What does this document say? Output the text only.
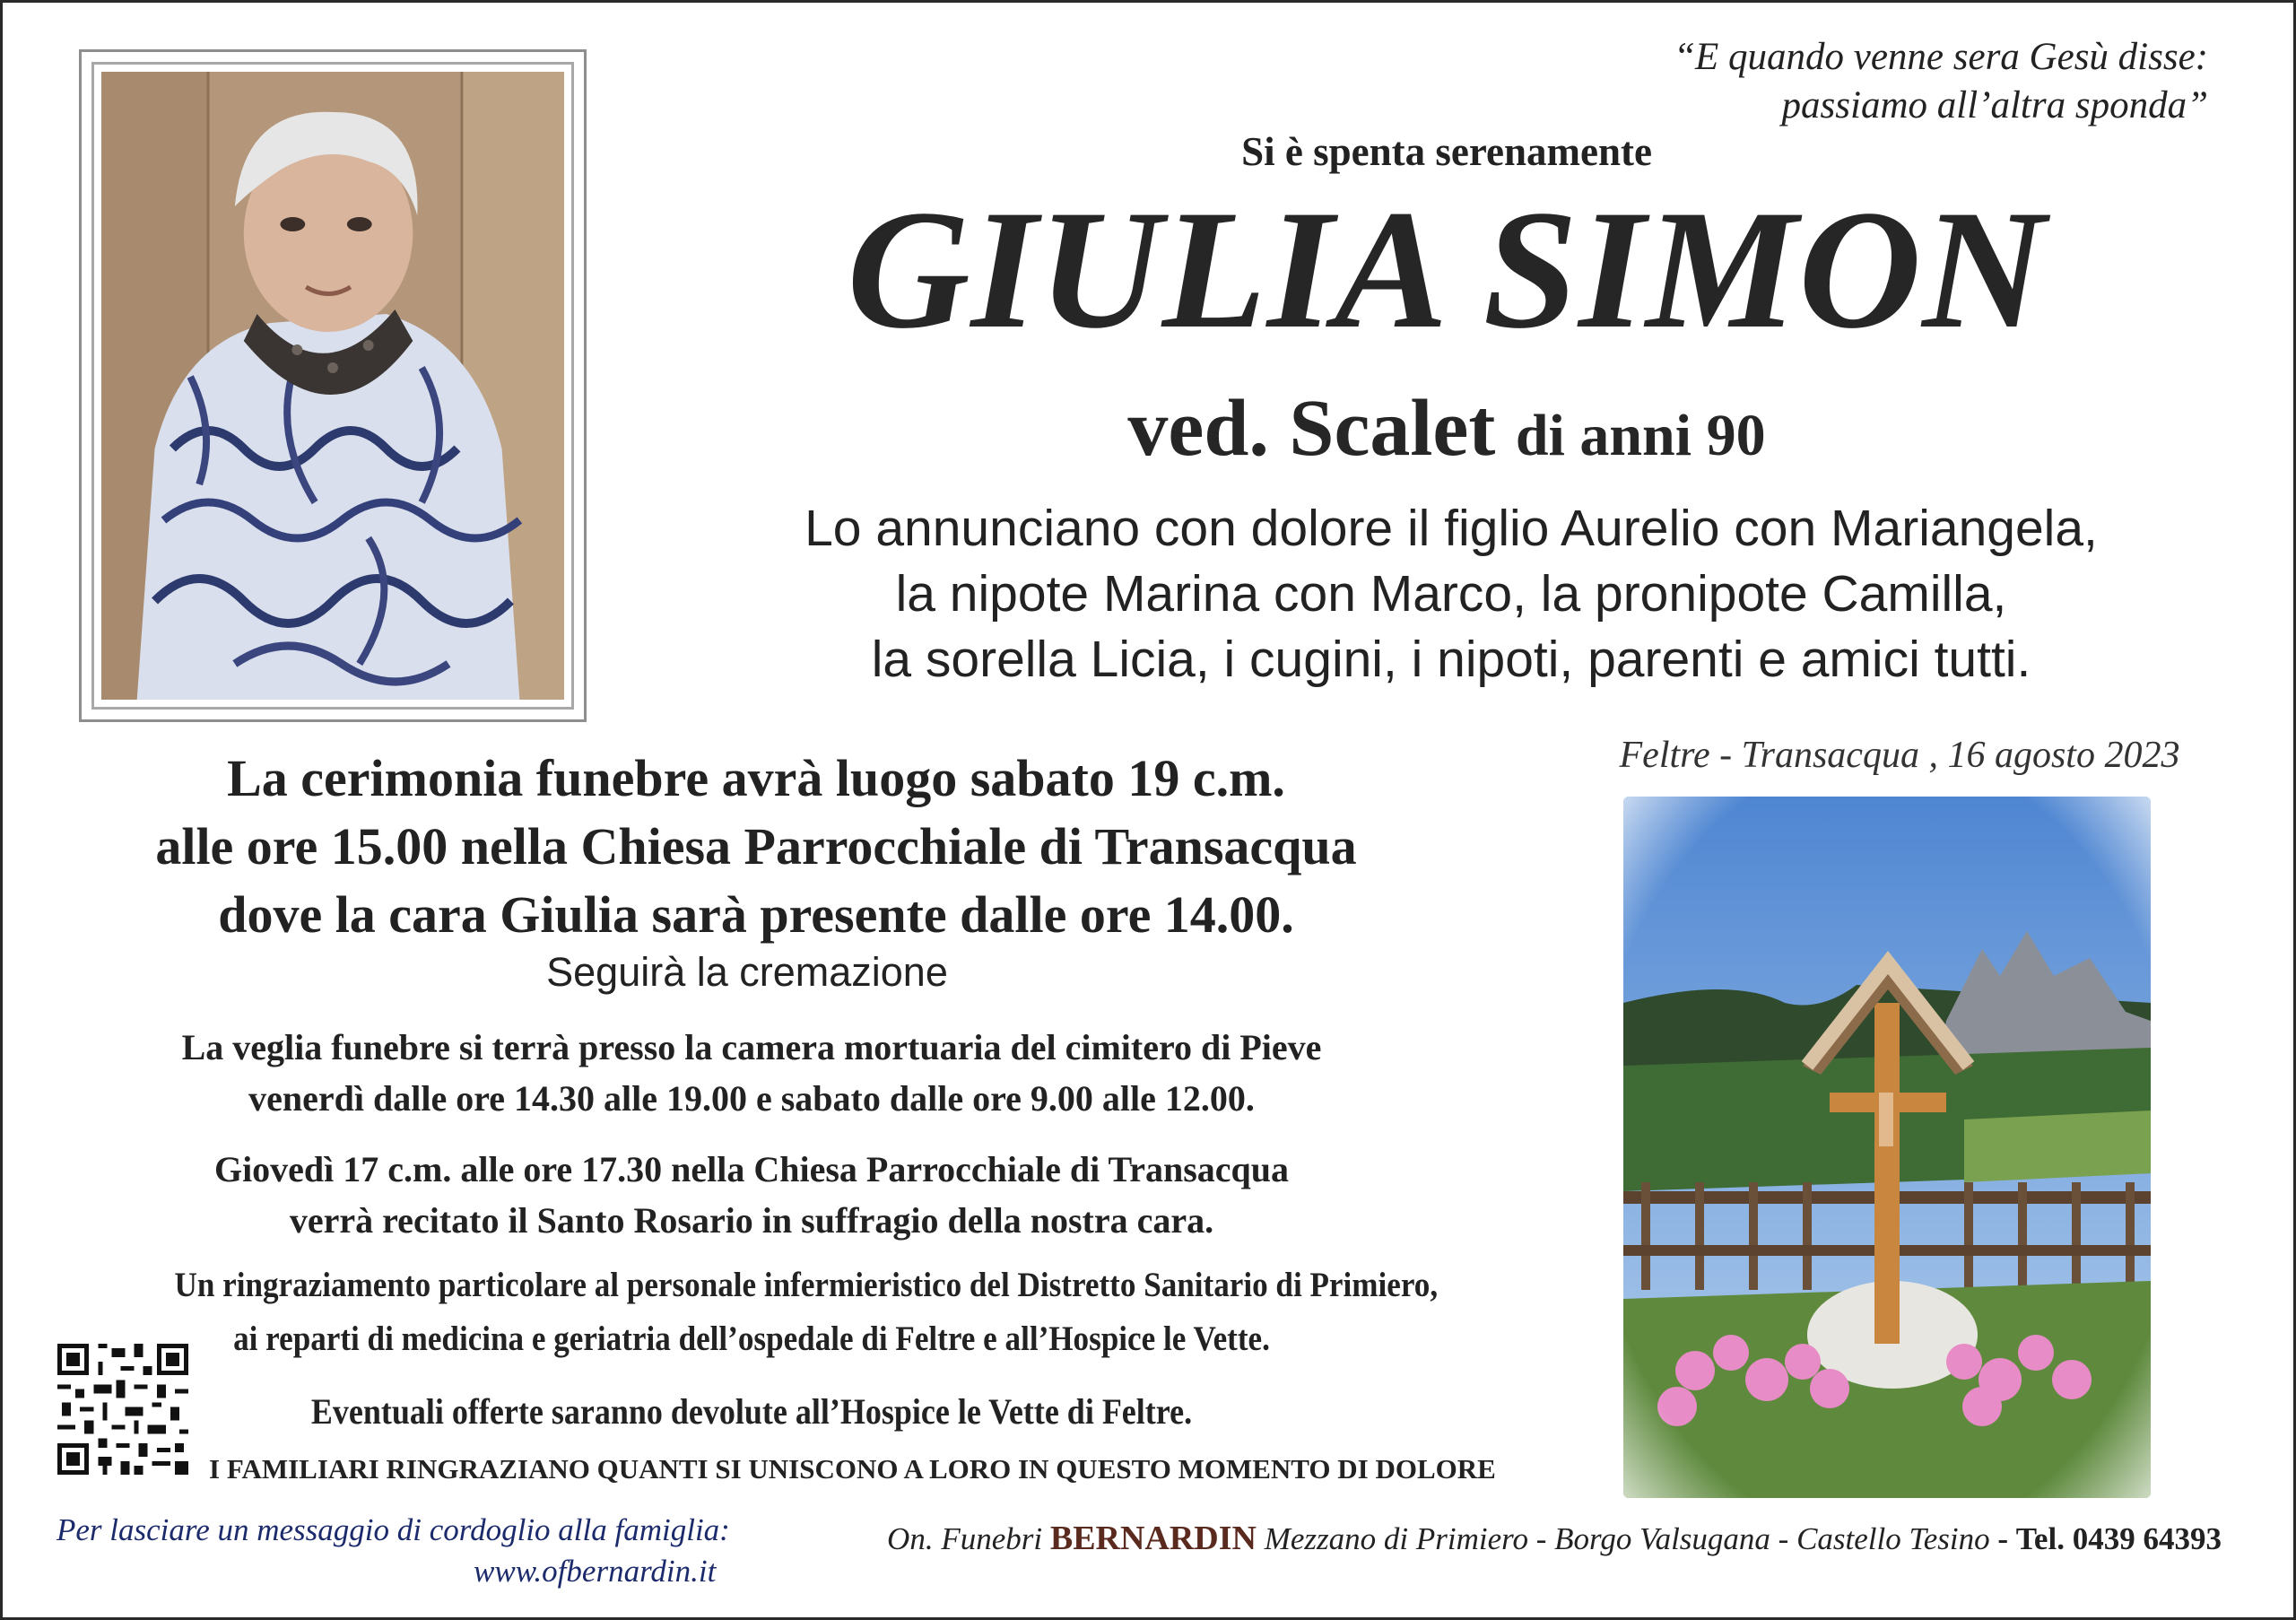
“E quando venne sera Gesù disse:
passiamo all’altra sponda”
Si è spenta serenamente
GIULIA SIMON
ved. Scalet di anni 90
Lo annunciano con dolore il figlio Aurelio con Mariangela,
la nipote Marina con Marco, la pronipote Camilla,
la sorella Licia, i cugini, i nipoti, parenti e amici tutti.
Feltre - Transacqua , 16 agosto 2023
La cerimonia funebre avrà luogo sabato 19 c.m.
alle ore 15.00 nella Chiesa Parrocchiale di Transacqua
dove la cara Giulia sarà presente dalle ore 14.00.
Seguirà la cremazione
La veglia funebre si terrà presso la camera mortuaria del cimitero di Pieve
venerdì dalle ore 14.30 alle 19.00 e sabato dalle ore 9.00 alle 12.00.
Giovedì 17 c.m. alle ore 17.30 nella Chiesa Parrocchiale di Transacqua
verrà recitato il Santo Rosario in suffragio della nostra cara.
Un ringraziamento particolare al personale infermieristico del Distretto Sanitario di Primiero,
ai reparti di medicina e geriatria dell’ospedale di Feltre e all’Hospice le Vette.
Eventuali offerte saranno devolute all’Hospice le Vette di Feltre.
I FAMILIARI RINGRAZIANO QUANTI SI UNISCONO A LORO IN QUESTO MOMENTO DI DOLORE
Per lasciare un messaggio di cordoglio alla famiglia:
www.ofbernardin.it
On. Funebri BERNARDIN Mezzano di Primiero - Borgo Valsugana - Castello Tesino - Tel. 0439 64393
